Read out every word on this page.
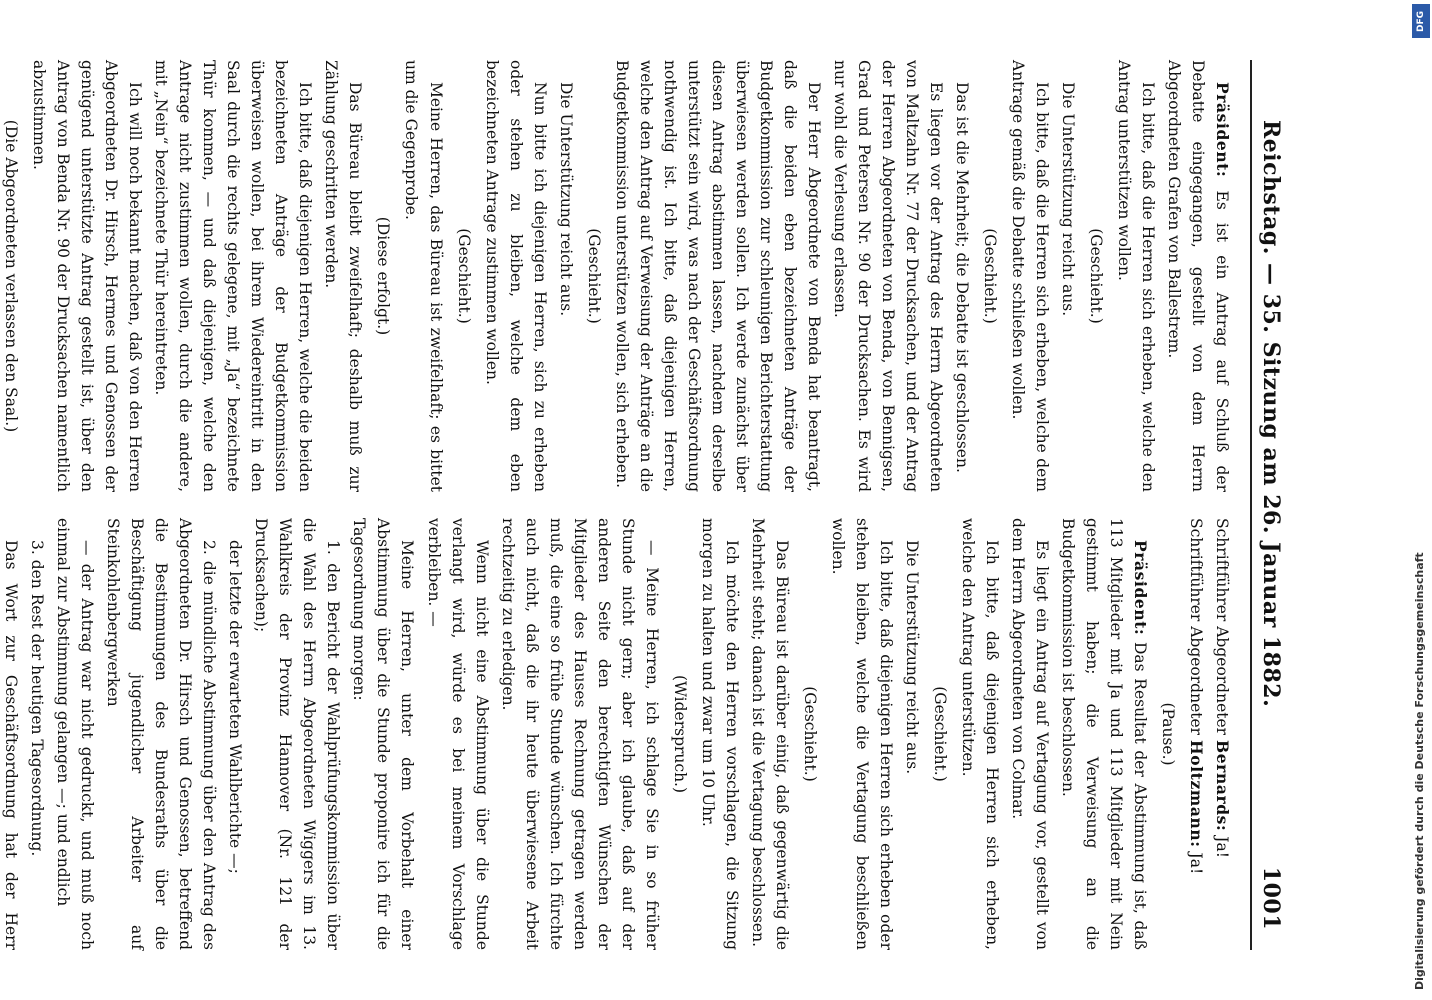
Reichstag. — 35. Sitzung am 26. Januar 1882.
1001

Präsident: Es ist ein Antrag auf Schluß der Debatte eingegangen, gestellt von dem Herrn Abgeordneten Grafen von Ballestrem.

Ich bitte, daß die Herren sich erheben, welche den Antrag unterstützen wollen.

(Geschieht.)

Die Unterstützung reicht aus.

Ich bitte, daß die Herren sich erheben, welche dem Antrage gemäß die Debatte schließen wollen.

(Geschieht.)

Das ist die Mehrheit; die Debatte ist geschlossen.

Es liegen vor der Antrag des Herrn Abgeordneten von Maltzahn Nr. 77 der Drucksachen, und der Antrag der Herren Abgeordneten von Benda, von Bennigsen, Grad und Petersen Nr. 90 der Drucksachen. Es wird nur wohl die Verlesung erlassen.

Der Herr Abgeordnete von Benda hat beantragt, daß die beiden eben bezeichneten Anträge der Budgetkommission zur schleunigen Berichterstattung überwiesen werden sollen. Ich werde zunächst über diesen Antrag abstimmen lassen, nachdem derselbe unterstützt sein wird, was nach der Geschäftsordnung nothwendig ist. Ich bitte, daß diejenigen Herren, welche den Antrag auf Verweisung der Anträge an die Budgetkommission unterstützen wollen, sich erheben.

(Geschieht.)

Die Unterstützung reicht aus.

Nun bitte ich diejenigen Herren, sich zu erheben oder stehen zu bleiben, welche dem eben bezeichneten Antrage zustimmen wollen.

(Geschieht.)

Meine Herren, das Büreau ist zweifelhaft; es bittet um die Gegenprobe.

(Diese erfolgt.)

Das Büreau bleibt zweifelhaft; deshalb muß zur Zählung geschritten werden.

Ich bitte, daß diejenigen Herren, welche die beiden bezeichneten Anträge der Budgetkommission überweisen wollen, bei ihrem Wiedereintritt in den Saal durch die rechts gelegene, mit „Ja“ bezeichnete Thür kommen, — und daß diejenigen, welche den Antrage nicht zustimmen wollen, durch die andere, mit „Nein“ bezeichnete Thür hereintreten.

Ich will noch bekannt machen, daß von den Herren Abgeordneten Dr. Hirsch, Hermes und Genossen der genügend unterstützte Antrag gestellt ist, über den Antrag von Benda Nr. 90 der Drucksachen namentlich abzustimmen.

(Die Abgeordneten verlassen den Saal.)

Schriftführer Abgeordneter Bernards: Ja!

Schriftführer Abgeordneter Holtzmann: Ja!

(Pause.)

Präsident: Das Resultat der Abstimmung ist, daß 113 Mitglieder mit Ja und 113 Mitglieder mit Nein gestimmt haben; die Verweisung an die Budgetkommission ist beschlossen.

Es liegt ein Antrag auf Vertagung vor, gestellt von dem Herrn Abgeordneten von Colmar.

Ich bitte, daß diejenigen Herren sich erheben, welche den Antrag unterstützen.

(Geschieht.)

Die Unterstützung reicht aus.

Ich bitte, daß diejenigen Herren sich erheben oder stehen bleiben, welche die Vertagung beschließen wollen.

(Geschieht.)

Das Büreau ist darüber einig, daß gegenwärtig die Mehrheit steht; danach ist die Vertagung beschlossen.

Ich möchte den Herren vorschlagen, die Sitzung morgen zu halten und zwar um 10 Uhr.

(Widerspruch.)

— Meine Herren, ich schlage Sie in so früher Stunde nicht gern; aber ich glaube, daß auf der anderen Seite den berechtigten Wünschen der Mitglieder des Hauses Rechnung getragen werden muß, die eine so frühe Stunde wünschen. Ich fürchte auch nicht, daß die ihr heute überwiesene Arbeit rechtzeitig zu erledigen.

Wenn nicht eine Abstimmung über die Stunde verlangt wird, würde es bei meinem Vorschlage verbleiben. —

Meine Herren, unter dem Vorbehalt einer Abstimmung über die Stunde proponire ich für die Tagesordnung morgen:

1. den Bericht der Wahlprüfungskommission über die Wahl des Herrn Abgeordneten Wiggers im 13. Wahlkreis der Provinz Hannover (Nr. 121 der Drucksachen);

der letzte der erwarteten Wahlberichte —;

2. die mündliche Abstimmung über den Antrag des Abgeordneten Dr. Hirsch und Genossen, betreffend die Bestimmungen des Bundesraths über die Beschäftigung jugendlicher Arbeiter auf Steinkohlenbergwerken

— der Antrag war nicht gedruckt, und muß noch einmal zur Abstimmung gelangen —; und endlich

3. den Rest der heutigen Tagesordnung.

Das Wort zur Geschäftsordnung hat der Herr

DFG
Digitalisierung gefördert durch die Deutsche Forschungsgemeinschaft
